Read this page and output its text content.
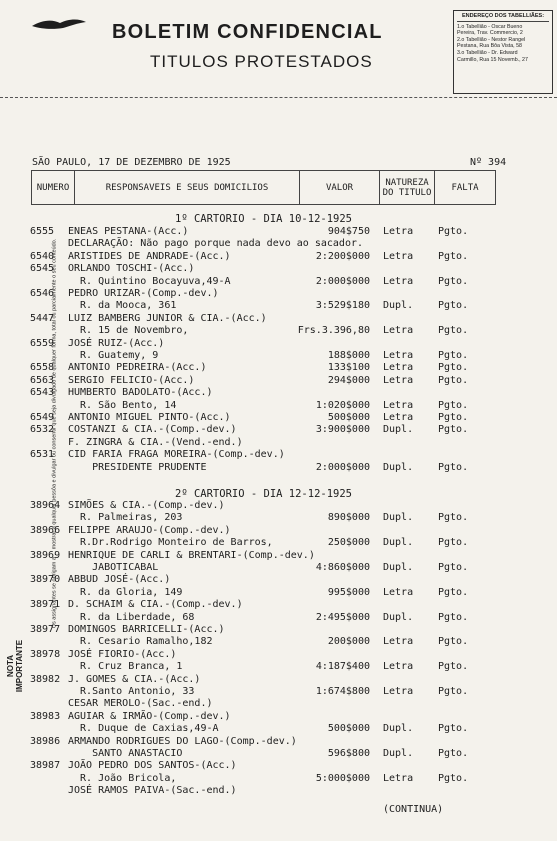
BOLETIM CONFIDENCIAL
TITULOS PROTESTADOS
ENDEREÇO DOS TABELLIÃES:
1.o Tabellião - Oscar Bueno
Pereira, Trav. Commercio, 2
2.o Tabellião - Nestor Rangel
Pestana, Rua Bôa Vista, 58
3.o Tabellião - Dr. Edward
Carmillo, Rua 15 Novemb., 27
Os assignantes se obrigam a ... mostrar a qualquer pessôa e divulgar ou consentir que seja divulgado de qualquer forma, total ou parcialmente o seu conteúdo.
NOTA IMPORTANTE
SÃO PAULO, 17 DE DEZEMBRO DE 1925	Nº 394
NUMERO	RESPONSAVEIS E SEUS DOMICILIOS	VALOR	NATUREZA DO TITULO	FALTA
1º CARTORIO - DIA 10-12-1925
2º CARTORIO - DIA 12-12-1925
6555	ENEAS PESTANA-(Acc.)	904$750 Letra Pgto.
DECLARAÇÃO: Não pago porque nada devo ao sacador.
6540	ARISTIDES DE ANDRADE-(Acc.)	2:200$000 Letra Pgto.
6545	ORLANDO TOSCHI-(Acc.)
R. Quintino Bocayuva,49-A	2:000$000 Letra Pgto.
6546	PEDRO URIZAR-(Comp.-dev.)
R. da Mooca, 361	3:529$180 Dupl. Pgto.
5447	LUIZ BAMBERG JUNIOR & CIA.-(Acc.)
R. 15 de Novembro,	Frs.3.396,80 Letra Pgto.
6559	JOSÉ RUIZ-(Acc.)
R. Guatemy, 9	188$000 Letra Pgto.
6558	ANTONIO PEDREIRA-(Acc.)	133$100 Letra Pgto.
6563	SERGIO FELICIO-(Acc.)	294$000 Letra Pgto.
6543	HUMBERTO BADOLATO-(Acc.)
R. São Bento, 14	1:020$000 Letra Pgto.
6549	ANTONIO MIGUEL PINTO-(Acc.)	500$000 Letra Pgto.
6532	COSTANZI & CIA.-(Comp.-dev.)	3:900$000 Dupl. Pgto.
F. ZINGRA & CIA.-(Vend.-end.)
6531	CID FARIA FRAGA MOREIRA-(Comp.-dev.)
PRESIDENTE PRUDENTE	2:000$000 Dupl. Pgto.
38964 SIMÕES & CIA.-(Comp.-dev.)
R. Palmeiras, 203	890$000 Dupl. Pgto.
38966 FELIPPE ARAUJO-(Comp.-dev.)
R.Dr.Rodrigo Monteiro de Barros,	250$000 Dupl. Pgto.
38969 HENRIQUE DE CARLI & BRENTARI-(Comp.-dev.)
JABOTICABAL	4:860$000 Dupl. Pgto.
38970 ABBUD JOSÉ-(Acc.)
R. da Gloria, 149	995$000 Letra Pgto.
38971 D. SCHAIM & CIA.-(Comp.-dev.)
R. da Liberdade, 68	2:495$000 Dupl. Pgto.
38977 DOMINGOS BARRICELLI-(Acc.)
R. Cesario Ramalho,182	200$000 Letra Pgto.
38978 JOSÉ FIORIO-(Acc.)
R. Cruz Branca, 1	4:187$400 Letra Pgto.
38982 J. GOMES & CIA.-(Acc.)
R.Santo Antonio, 33	1:674$800 Letra Pgto.
CESAR MEROLO-(Sac.-end.)
38983 AGUIAR & IRMÃO-(Comp.-dev.)
R. Duque de Caxias,49-A	500$000 Dupl. Pgto.
38986 ARMANDO RODRIGUES DO LAGO-(Comp.-dev.)
SANTO ANASTACIO	596$800 Dupl. Pgto.
38987 JOÃO PEDRO DOS SANTOS-(Acc.)
R. João Bricola,	5:000$000 Letra Pgto.
JOSÉ RAMOS PAIVA-(Sac.-end.)
(CONTINUA)
